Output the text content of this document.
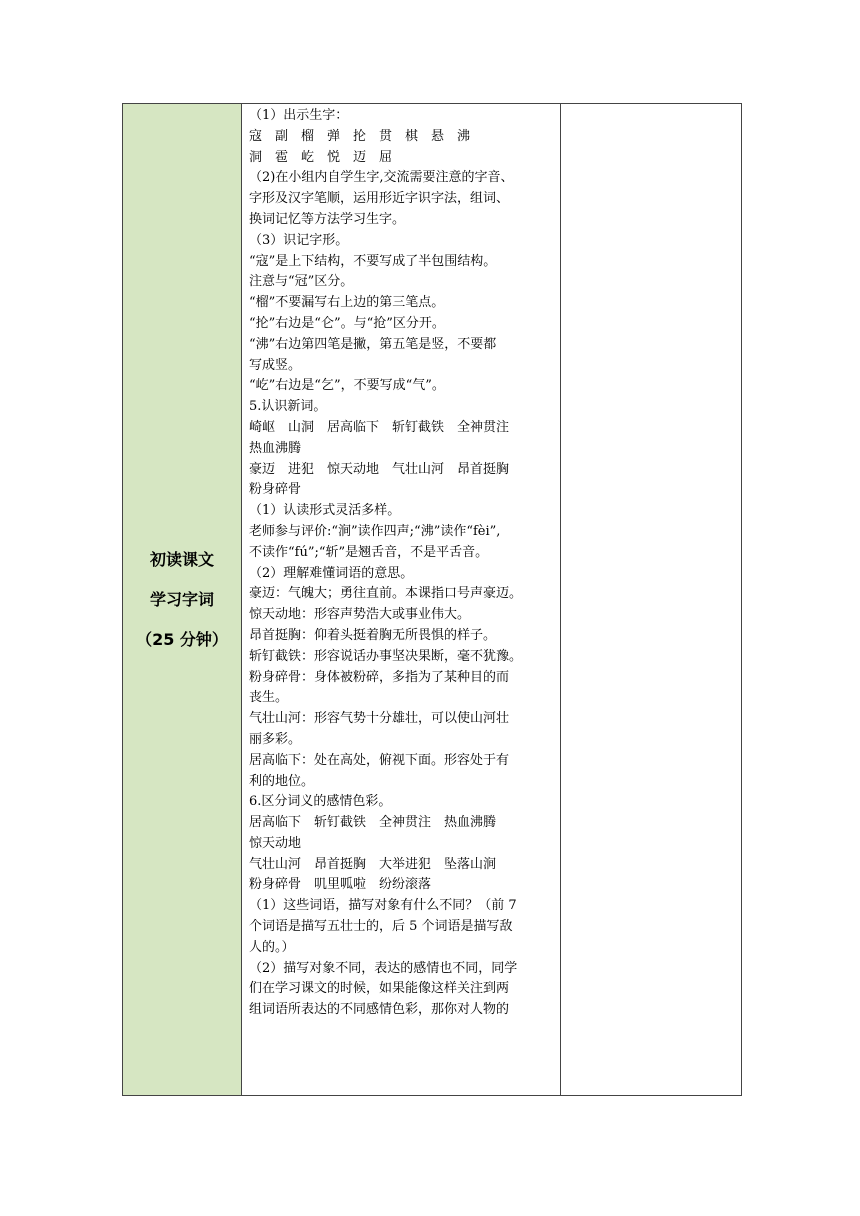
初读课文
学习字词
（25 分钟）
（1）出示生字：
寇　副　榴　弹　抡　贯　棋　悬　沸
洞　雹　屹　悦　迈　屈
（2)在小组内自学生字,交流需要注意的字音、
字形及汉字笔顺，运用形近字识字法，组词、
换词记忆等方法学习生字。
（3）识记字形。
“寇”是上下结构，不要写成了半包围结构。
注意与“冠”区分。
“榴”不要漏写右上边的第三笔点。
“抡”右边是“仑”。与“抢”区分开。
“沸”右边第四笔是撇，第五笔是竖，不要都
写成竖。
“屹”右边是“乞”，不要写成“气”。
5.认识新词。
崎岖　山洞　居高临下　斩钉截铁　全神贯注
热血沸腾
豪迈　进犯　惊天动地　气壮山河　昂首挺胸
粉身碎骨
（1）认读形式灵活多样。
老师参与评价:“涧”读作四声;“沸”读作“fèi”,
不读作“fú”;“斩”是翘舌音，不是平舌音。
（2）理解难懂词语的意思。
豪迈：气魄大；勇往直前。本课指口号声豪迈。
惊天动地：形容声势浩大或事业伟大。
昂首挺胸：仰着头挺着胸无所畏惧的样子。
斩钉截铁：形容说话办事坚决果断，毫不犹豫。
粉身碎骨：身体被粉碎，多指为了某种目的而
丧生。
气壮山河：形容气势十分雄壮，可以使山河壮
丽多彩。
居高临下：处在高处，俯视下面。形容处于有
利的地位。
6.区分词义的感情色彩。
居高临下　斩钉截铁　全神贯注　热血沸腾
惊天动地
气壮山河　昂首挺胸　大举进犯　坠落山涧
粉身碎骨　叽里呱啦　纷纷滚落
（1）这些词语，描写对象有什么不同？（前 7
个词语是描写五壮士的，后 5 个词语是描写敌
人的。）
（2）描写对象不同，表达的感情也不同，同学
们在学习课文的时候，如果能像这样关注到两
组词语所表达的不同感情色彩，那你对人物的
